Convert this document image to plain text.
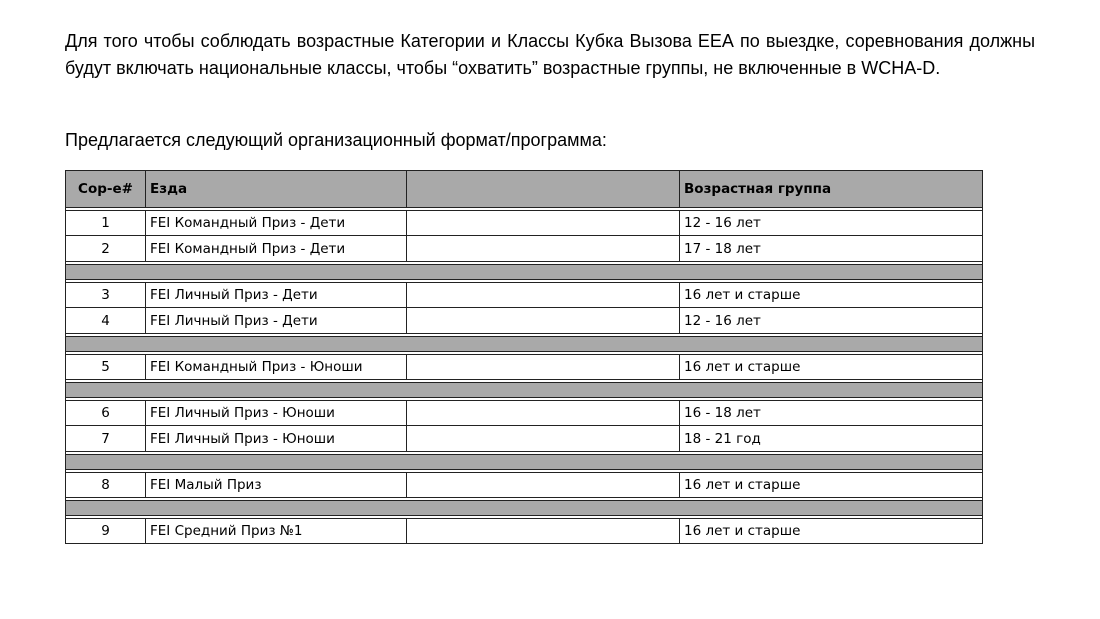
Для того чтобы соблюдать возрастные Категории и Классы Кубка Вызова ЕЕА по выездке, соревнования должны будут включать национальные классы, чтобы “охватить” возрастные группы, не включенные в WCHA-D.

Предлагается следующий организационный формат/программа:

Сор-е#	Езда	Возрастная группа
1	FEI Командный Приз - Дети	12 - 16 лет
2	FEI Командный Приз - Дети	17 - 18 лет
3	FEI Личный Приз - Дети	16 лет и старше
4	FEI Личный Приз - Дети	12 - 16 лет
5	FEI Командный Приз - Юноши	16 лет и старше
6	FEI Личный Приз - Юноши	16 - 18 лет
7	FEI Личный Приз - Юноши	18 - 21 год
8	FEI Малый Приз	16 лет и старше
9	FEI Средний Приз №1	16 лет и старше
